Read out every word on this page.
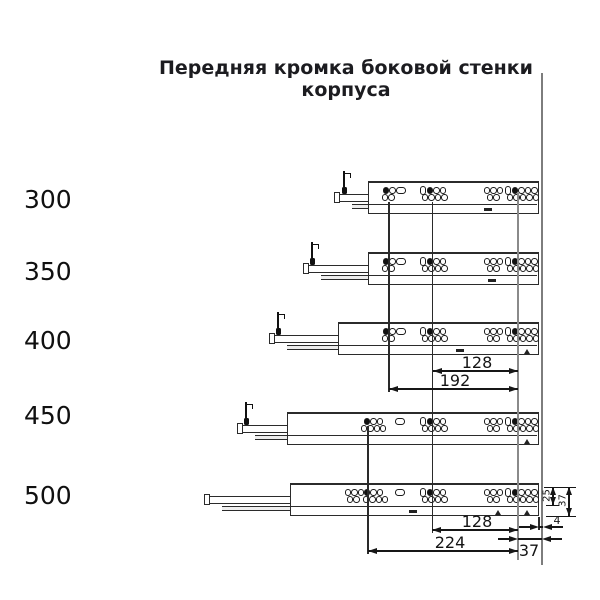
Передняя кромка боковой стенки корпуса
300
350
400
450
500
128
192
128
224	37
4
25 37
